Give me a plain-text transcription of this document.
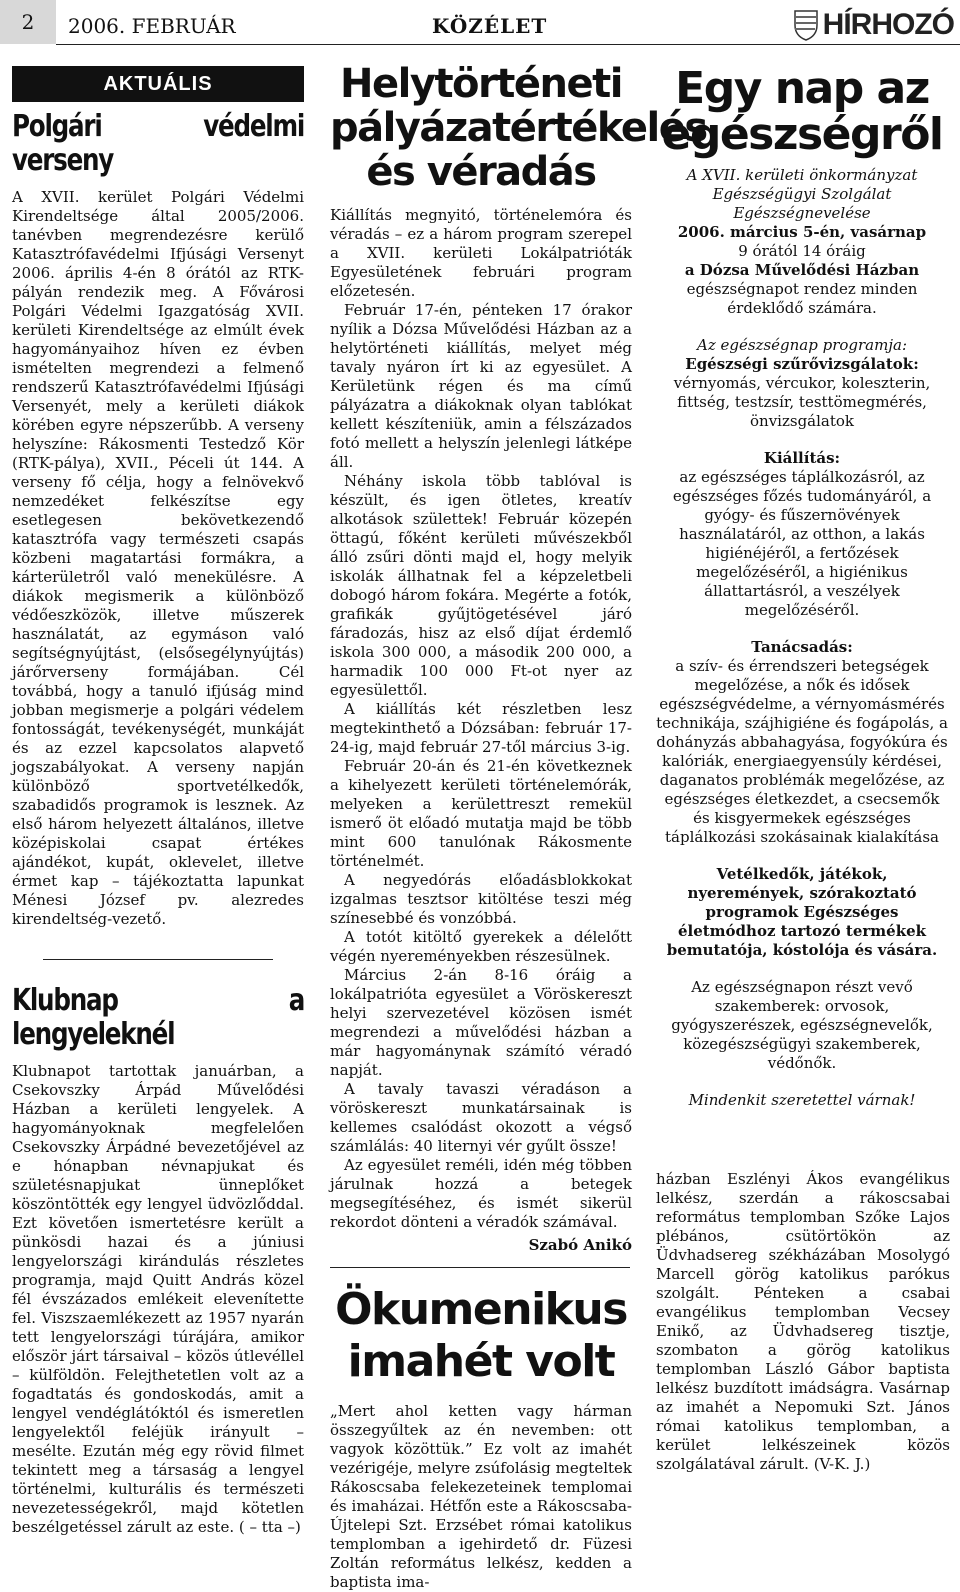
2	2006. FEBRUÁR	KÖZÉLET	HÍRHOZÓ
AKTUÁLIS
Polgári védelmi verseny

A XVII. kerület Polgári Védelmi Kirendeltsége által 2005/2006. tanévben megrendezésre kerülő Katasztrófavédelmi Ifjúsági Versenyt 2006. április 4-én 8 órától az RTK-pályán rendezik meg. A Fővárosi Polgári Védelmi Igazgatóság XVII. kerületi Kirendeltsége az elmúlt évek hagyományaihoz híven ez évben ismételten megrendezi a felmenő rendszerű Katasztrófavédelmi Ifjúsági Versenyét, mely a kerületi diákok körében egyre népszerűbb. A verseny helyszíne: Rákosmenti Testedző Kör (RTK-pálya), XVII., Péceli út 144. A verseny fő célja, hogy a felnövekvő nemzedéket felkészítse egy esetlegesen bekövetkezendő katasztrófa vagy természeti csapás közbeni magatartási formákra, a kárterületről való menekülésre. A diákok megismerik a különböző védőeszközök, illetve műszerek használatát, az egymáson való segítségnyújtást, (elsősegélynyújtás) járőrverseny formájában. Cél továbbá, hogy a tanuló ifjúság mind jobban megismerje a polgári védelem fontosságát, tevékenységét, munkáját és az ezzel kapcsolatos alapvető jogszabályokat. A verseny napján különböző sportvetélkedők, szabadidős programok is lesznek. Az első három helyezett általános, illetve középiskolai csapat értékes ajándékot, kupát, oklevelet, illetve érmet kap – tájékoztatta lapunkat Ménesi József pv. alezredes kirendeltség-vezető.

Klubnap a lengyeleknél

Klubnapot tartottak januárban, a Csekovszky Árpád Művelődési Házban a kerületi lengyelek. A hagyományoknak megfelelően Csekovszky Árpádné bevezetőjével az e hónapban névnapjukat és születésnapjukat ünneplőket köszöntötték egy lengyel üdvözlőddal. Ezt követően ismertetésre került a pünkösdi hazai és a júniusi lengyelországi kirándulás részletes programja, majd Quitt András közel fél évszázados emlékeit elevenítette fel. Viszszaemlékezett az 1957 nyarán tett lengyelországi túrájára, amikor először járt társaival – közös útlevéllel – külföldön. Felejthetetlen volt az a fogadtatás és gondoskodás, amit a lengyel vendéglátóktól és ismeretlen lengyelektől feléjük irányult – mesélte. Ezután még egy rövid filmet tekintett meg a társaság a lengyel történelmi, kulturális és természeti nevezetességekről, majd kötetlen beszélgetéssel zárult az este. ( – tta –)

Helytörténeti pályázatértékelés és véradás

Kiállítás megnyitó, történelemóra és véradás – ez a három program szerepel a XVII. kerületi Lokálpatrióták Egyesületének februári program előzetesén.

Február 17-én, pénteken 17 órakor nyílik a Dózsa Művelődési Házban az a helytörténeti kiállítás, melyet még tavaly nyáron írt ki az egyesület. A Kerületünk régen és ma című pályázatra a diákoknak olyan tablókat kellett készíteniük, amin a félszázados fotó mellett a helyszín jelenlegi látképe áll.

Néhány iskola több tablóval is készült, és igen ötletes, kreatív alkotások születtek! Február közepén öttagú, főként kerületi művészekből álló zsűri dönti majd el, hogy melyik iskolák állhatnak fel a képzeletbeli dobogó három fokára. Megérte a fotók, grafikák gyűjtögetésével járó fáradozás, hisz az első díjat érdemlő iskola 300 000, a második 200 000, a harmadik 100 000 Ft-ot nyer az egyesülettől.

A kiállítás két részletben lesz megtekinthető a Dózsában: február 17-24-ig, majd február 27-től március 3-ig.

Február 20-án és 21-én következnek a kihelyezett kerületi történelemórák, melyeken a kerülettreszt remekül ismerő öt előadó mutatja majd be több mint 600 tanulónak Rákosmente történelmét.

A negyedórás előadásblokkokat izgalmas tesztsor kitöltése teszi még színesebbé és vonzóbbá.

A totót kitöltő gyerekek a délelőtt végén nyereményekben részesülnek.

Március 2-án 8-16 óráig a lokálpatrióta egyesület a Vöröskereszt helyi szervezetével közösen ismét megrendezi a művelődési házban a már hagyománynak számító véradó napját.

A tavaly tavaszi véradáson a vöröskereszt munkatársainak is kellemes csalódást okozott a végső számlálás: 40 liternyi vér gyűlt össze!

Az egyesület reméli, idén még többen járulnak hozzá a betegek megsegítéséhez, és ismét sikerül rekordot dönteni a véradók számával.

Szabó Anikó
Ökumenikus imahét volt

„Mert ahol ketten vagy hárman összegyűltek az én nevemben: ott vagyok közöttük.” Ez volt az imahét vezérigéje, melyre zsúfolásig megteltek Rákoscsaba felekezeteinek templomai és imaházai. Hétfőn este a Rákoscsaba-Újtelepi Szt. Erzsébet római katolikus templomban a igehirdető dr. Füzesi Zoltán református lelkész, kedden a baptista ima-

Egy nap az egészségről

A XVII. kerületi önkormányzat Egészségügyi Szolgálat Egészségnevelése

2006. március 5-én, vasárnap

9 órától 14 óráig

a Dózsa Művelődési Házban

egészségnapot rendez minden érdeklődő számára.

Az egészségnap programja:

Egészségi szűrővizsgálatok:

vérnyomás, vércukor, koleszterin, fittség, testzsír, testtömegmérés, önvizsgálatok

Kiállítás:

az egészséges táplálkozásról, az egészséges főzés tudományáról, a gyógy- és fűszernövények használatáról, az otthon, a lakás higiénéjéről, a fertőzések megelőzéséről, a higiénikus állattartásról, a veszélyek megelőzéséről.

Tanácsadás:

a szív- és érrendszeri betegségek megelőzése, a nők és idősek egészségvédelme, a vérnyomásmérés technikája, szájhigiéne és fogápolás, a dohányzás abbahagyása, fogyókúra és kalóriák, energiaegyensúly kérdései, daganatos problémák megelőzése, az egészséges életkezdet, a csecsemők és kisgyermekek egészséges táplálkozási szokásainak kialakítása

Vetélkedők, játékok, nyeremények, szórakoztató programok Egészséges életmódhoz tartozó termékek bemutatója, kóstolója és vására.

Az egészségnapon részt vevő szakemberek: orvosok, gyógyszerészek, egészségnevelők, közegészségügyi szakemberek, védőnők.

Mindenkit szeretettel várnak!

házban Eszlényi Ákos evangélikus lelkész, szerdán a rákoscsabai református templomban Szőke Lajos plébános, csütörtökön az Üdvhadsereg székházában Mosolygó Marcell görög katolikus parókus szolgált. Pénteken a csabai evangélikus templomban Vecsey Enikő, az Üdvhadsereg tisztje, szombaton a görög katolikus templomban László Gábor baptista lelkész buzdított imádságra. Vasárnap az imahét a Nepomuki Szt. János római katolikus templomban, a kerület lelkészeinek közös szolgálatával zárult. (V-K. J.)
